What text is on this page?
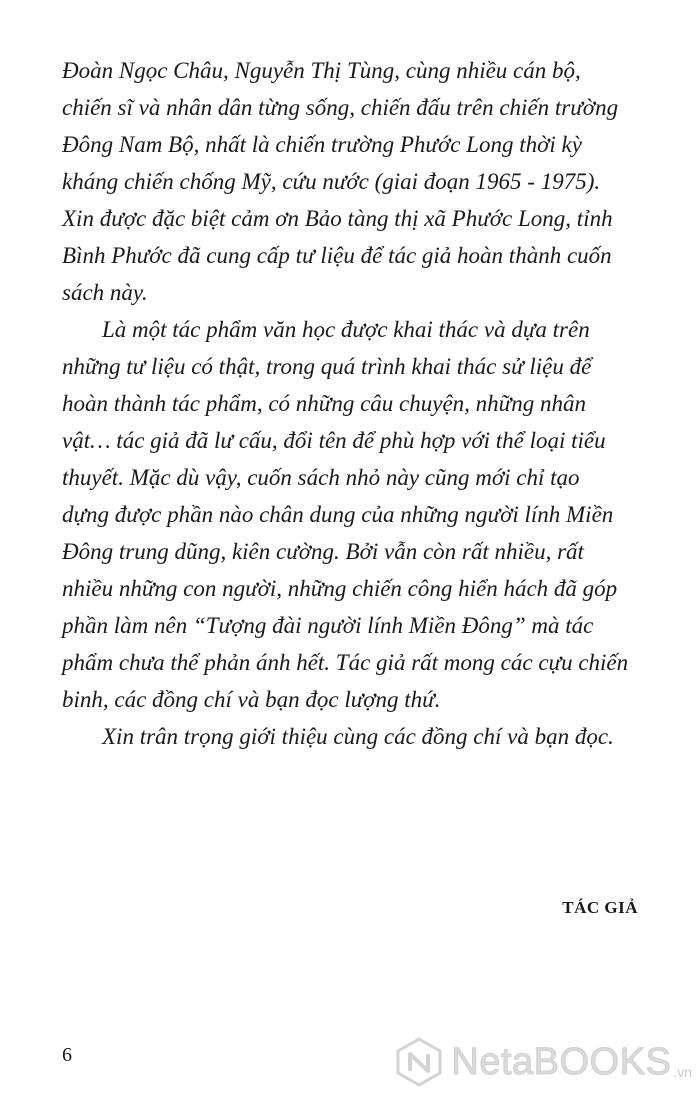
Đoàn Ngọc Châu, Nguyễn Thị Tùng, cùng nhiều cán bộ,
chiến sĩ và nhân dân từng sống, chiến đấu trên chiến trường
Đông Nam Bộ, nhất là chiến trường Phước Long thời kỳ
kháng chiến chống Mỹ, cứu nước (giai đoạn 1965 - 1975).
Xin được đặc biệt cảm ơn Bảo tàng thị xã Phước Long, tỉnh
Bình Phước đã cung cấp tư liệu để tác giả hoàn thành cuốn
sách này.
Là một tác phẩm văn học được khai thác và dựa trên
những tư liệu có thật, trong quá trình khai thác sử liệu để
hoàn thành tác phẩm, có những câu chuyện, những nhân
vật… tác giả đã lư cấu, đổi tên để phù hợp với thể loại tiểu
thuyết. Mặc dù vậy, cuốn sách nhỏ này cũng mới chỉ tạo
dựng được phần nào chân dung của những người lính Miền
Đông trung dũng, kiên cường. Bởi vẫn còn rất nhiều, rất
nhiều những con người, những chiến công hiển hách đã góp
phần làm nên “Tượng đài người lính Miền Đông” mà tác
phẩm chưa thể phản ánh hết. Tác giả rất mong các cựu chiến
binh, các đồng chí và bạn đọc lượng thứ.
Xin trân trọng giới thiệu cùng các đồng chí và bạn đọc.
TÁC GIẢ
6	NetaBOOKS .vn
